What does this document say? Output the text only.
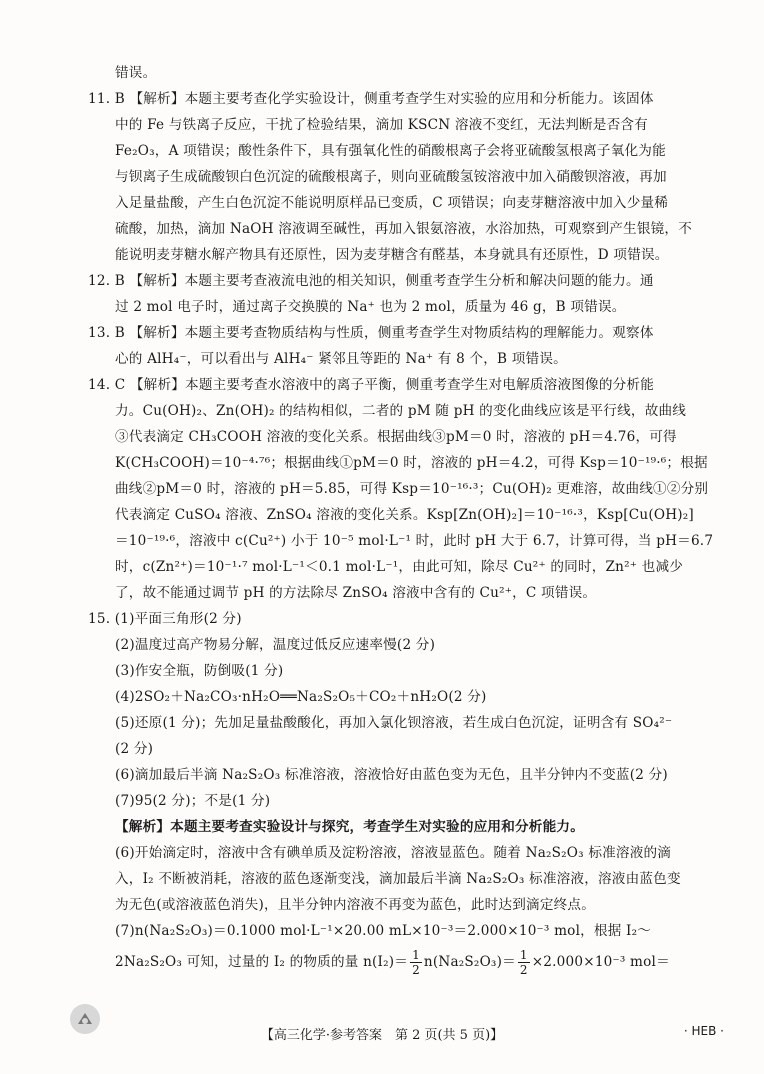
错误。
11. B 【解析】本题主要考查化学实验设计，侧重考查学生对实验的应用和分析能力。该固体
中的 Fe 与铁离子反应，干扰了检验结果，滴加 KSCN 溶液不变红，无法判断是否含有
Fe₂O₃，A 项错误；酸性条件下，具有强氧化性的硝酸根离子会将亚硫酸氢根离子氧化为能
与钡离子生成硫酸钡白色沉淀的硫酸根离子，则向亚硫酸氢铵溶液中加入硝酸钡溶液，再加
入足量盐酸，产生白色沉淀不能说明原样品已变质，C 项错误；向麦芽糖溶液中加入少量稀
硫酸，加热，滴加 NaOH 溶液调至碱性，再加入银氨溶液，水浴加热，可观察到产生银镜，不
能说明麦芽糖水解产物具有还原性，因为麦芽糖含有醛基，本身就具有还原性，D 项错误。
12. B 【解析】本题主要考查液流电池的相关知识，侧重考查学生分析和解决问题的能力。通
过 2 mol 电子时，通过离子交换膜的 Na⁺ 也为 2 mol，质量为 46 g，B 项错误。
13. B 【解析】本题主要考查物质结构与性质，侧重考查学生对物质结构的理解能力。观察体
心的 AlH₄⁻，可以看出与 AlH₄⁻ 紧邻且等距的 Na⁺ 有 8 个，B 项错误。
14. C 【解析】本题主要考查水溶液中的离子平衡，侧重考查学生对电解质溶液图像的分析能
力。Cu(OH)₂、Zn(OH)₂ 的结构相似，二者的 pM 随 pH 的变化曲线应该是平行线，故曲线
③代表滴定 CH₃COOH 溶液的变化关系。根据曲线③pM＝0 时，溶液的 pH＝4.76，可得
K(CH₃COOH)＝10⁻⁴·⁷⁶；根据曲线①pM＝0 时，溶液的 pH＝4.2，可得 Ksp＝10⁻¹⁹·⁶；根据
曲线②pM＝0 时，溶液的 pH＝5.85，可得 Ksp＝10⁻¹⁶·³；Cu(OH)₂ 更难溶，故曲线①②分别
代表滴定 CuSO₄ 溶液、ZnSO₄ 溶液的变化关系。Ksp[Zn(OH)₂]＝10⁻¹⁶·³，Ksp[Cu(OH)₂]
＝10⁻¹⁹·⁶，溶液中 c(Cu²⁺) 小于 10⁻⁵ mol·L⁻¹ 时，此时 pH 大于 6.7，计算可得，当 pH＝6.7
时，c(Zn²⁺)＝10⁻¹·⁷ mol·L⁻¹＜0.1 mol·L⁻¹，由此可知，除尽 Cu²⁺ 的同时，Zn²⁺ 也减少
了，故不能通过调节 pH 的方法除尽 ZnSO₄ 溶液中含有的 Cu²⁺，C 项错误。
15. (1)平面三角形(2 分)
(2)温度过高产物易分解，温度过低反应速率慢(2 分)
(3)作安全瓶，防倒吸(1 分)
(4)2SO₂＋Na₂CO₃·nH₂O══Na₂S₂O₅＋CO₂＋nH₂O(2 分)
(5)还原(1 分)；先加足量盐酸酸化，再加入氯化钡溶液，若生成白色沉淀，证明含有 SO₄²⁻
(2 分)
(6)滴加最后半滴 Na₂S₂O₃ 标准溶液，溶液恰好由蓝色变为无色，且半分钟内不变蓝(2 分)
(7)95(2 分)；不是(1 分)
【解析】本题主要考查实验设计与探究，考查学生对实验的应用和分析能力。
(6)开始滴定时，溶液中含有碘单质及淀粉溶液，溶液显蓝色。随着 Na₂S₂O₃ 标准溶液的滴
入，I₂ 不断被消耗，溶液的蓝色逐渐变浅，滴加最后半滴 Na₂S₂O₃ 标准溶液，溶液由蓝色变
为无色(或溶液蓝色消失)，且半分钟内溶液不再变为蓝色，此时达到滴定终点。
(7)n(Na₂S₂O₃)＝0.1000 mol·L⁻¹×20.00 mL×10⁻³＝2.000×10⁻³ mol，根据 I₂～
2Na₂S₂O₃ 可知，过量的 I₂ 的物质的量 $n(I_2)= \frac{1}{2} n(Na_2S_2O_3)= \frac{1}{2} \times 2.000\times 10^{-3}$ mol＝
【高三化学·参考答案　第 2 页(共 5 页)】	· HEB ·
